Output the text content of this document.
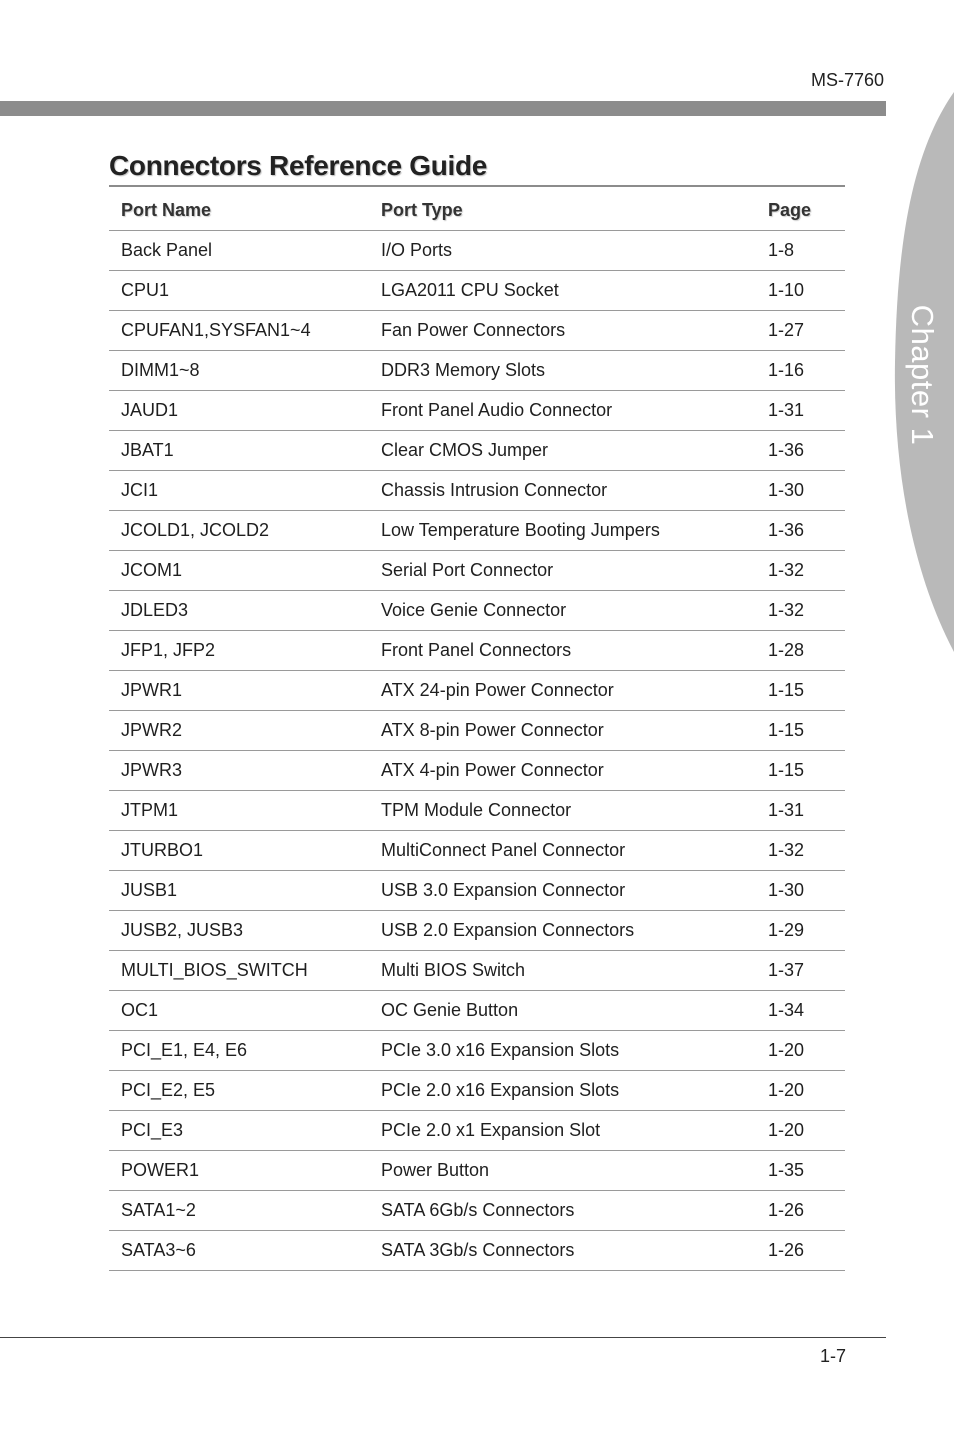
MS-7760
Chapter 1
Connectors Reference Guide
Port Name	Port Type	Page
Back Panel	I/O Ports	1-8
CPU1	LGA2011 CPU Socket	1-10
CPUFAN1,SYSFAN1~4	Fan Power Connectors	1-27
DIMM1~8	DDR3 Memory Slots	1-16
JAUD1	Front Panel Audio Connector	1-31
JBAT1	Clear CMOS Jumper	1-36
JCI1	Chassis Intrusion Connector	1-30
JCOLD1, JCOLD2	Low Temperature Booting Jumpers	1-36
JCOM1	Serial Port Connector	1-32
JDLED3	Voice Genie Connector	1-32
JFP1, JFP2	Front Panel Connectors	1-28
JPWR1	ATX 24-pin Power Connector	1-15
JPWR2	ATX 8-pin Power Connector	1-15
JPWR3	ATX 4-pin Power Connector	1-15
JTPM1	TPM Module Connector	1-31
JTURBO1	MultiConnect Panel Connector	1-32
JUSB1	USB 3.0 Expansion Connector	1-30
JUSB2, JUSB3	USB 2.0 Expansion Connectors	1-29
MULTI_BIOS_SWITCH	Multi BIOS Switch	1-37
OC1	OC Genie Button	1-34
PCI_E1, E4, E6	PCIe 3.0 x16 Expansion Slots	1-20
PCI_E2, E5	PCIe 2.0 x16 Expansion Slots	1-20
PCI_E3	PCIe 2.0 x1 Expansion Slot	1-20
POWER1	Power Button	1-35
SATA1~2	SATA 6Gb/s Connectors	1-26
SATA3~6	SATA 3Gb/s Connectors	1-26
1-7
